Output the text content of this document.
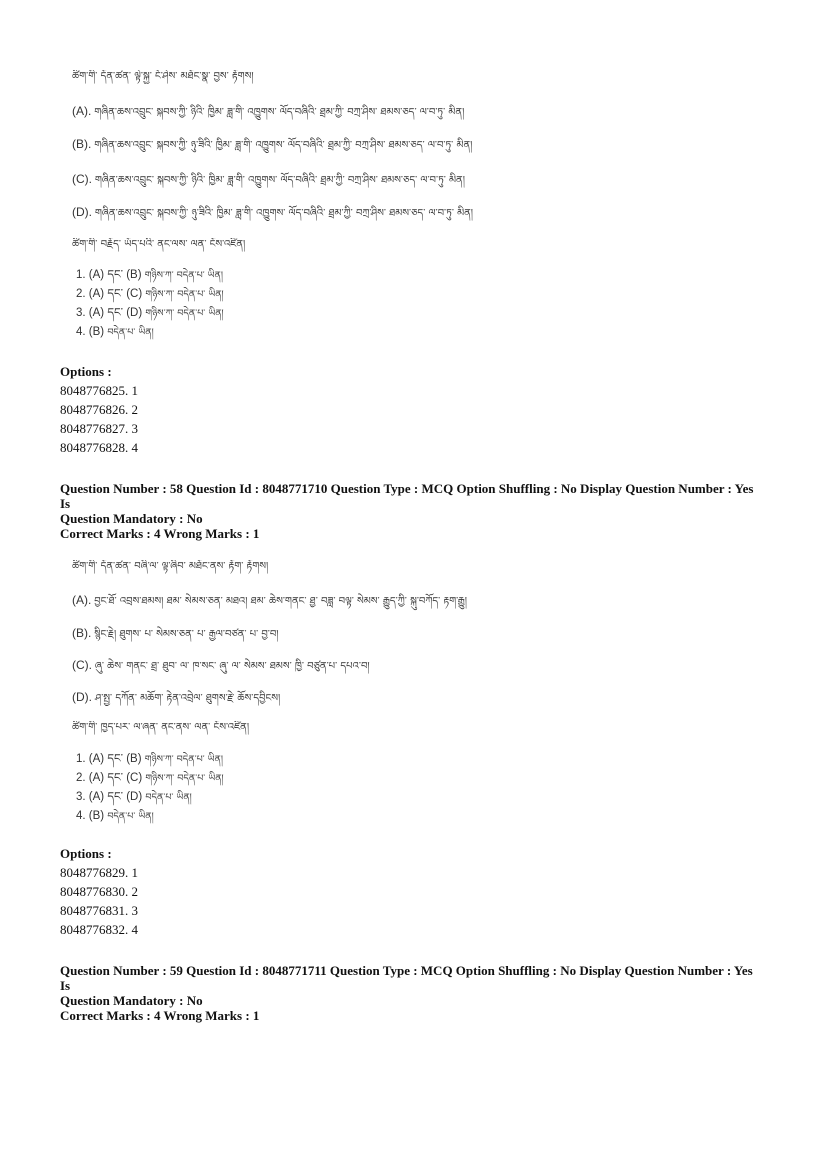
ཚིག་གི་ དོན་ཚན་ ལྟེ་སྐྱ་ ངོ་ཤེས་ མཐོང་སྣ་ བྱས་ རྟོགས།
(A). གཞིན་ཆས་འབྲུང་ སྐབས་ཀྱི་ ཉིའི་ ཁྱིམ་ ཟླ་གི་ འཁྱུགས་ ལོད་བཞིའི་ ཐྲམ་ཀྱི་ བཀྲ་ཤིས་ ཐམས་ཅད་ ལ་བ་ཏུ་ མིན།
(B). གཞིན་ཆས་འབྲུང་ སྐབས་ཀྱི་ ཉུ་ཟིའི་ ཁྱིམ་ ཟླ་གི་ འཁྱུགས་ ལོད་བཞིའི་ ཐྲམ་ཀྱི་ བཀྲ་ཤིས་ ཐམས་ཅད་ ལ་བ་ཏུ་ མིན།
(C). གཞིན་ཆས་འབྲུང་ སྐབས་ཀྱི་ ཉིའི་ ཁྱིམ་ ཟླ་གི་ འཁྱུགས་ ལོད་བཞིའི་ ཐྲམ་ཀྱི་ བཀྲ་ཤིས་ ཐམས་ཅད་ ལ་བ་ཏུ་ མིན།
(D). གཞིན་ཆས་འབྲུང་ སྐབས་ཀྱི་ ཉུ་ཟིའི་ ཁྱིམ་ ཟླ་གི་ འཁྱུགས་ ལོད་བཞིའི་ ཐྲམ་ཀྱི་ བཀྲ་ཤིས་ ཐམས་ཅད་ ལ་བ་ཏུ་ མིན།
ཚིག་གི་ བརྗོད་ ཡོད་པའི་ ནང་ལས་ ལན་ ངོས་འཛིན།
1. (A) དང་ (B) གཉིས་ཀ་ བདེན་པ་ ཡིན།
2. (A) དང་ (C) གཉིས་ཀ་ བདེན་པ་ ཡིན།
3. (A) དང་ (D) གཉིས་ཀ་ བདེན་པ་ ཡིན།
4. (B) བདེན་པ་ ཡིན།
Options :
8048776825. 1
8048776826. 2
8048776827. 3
8048776828. 4
Question Number : 58 Question Id : 8048771710 Question Type : MCQ Option Shuffling : No Display Question Number : Yes Is
Question Mandatory : No
Correct Marks : 4 Wrong Marks : 1
ཚིག་གི་ དོན་ཚན་ བཞི་ལ་ ལྟ་ཞིབ་ མཐོང་ནས་ རྟོག་ རྟོགས།
(A). བྱང་ཐོ་ འབྲས་ཐམས། ཐམ་ སེམས་ཅན་ མཐའ། ཐམ་ ཆེས་གནང་ ཐྱ་ བཟླ་ བལྟ་ སེམས་ རྒྱུད་ཀྱི་ སྐུ་བཀོད་ རྟག་རྒྱུ།
(B). སྙིང་རྗེ། ཐུགས་ པ་ སེམས་ཅན་ པ་ རྒྱལ་བཙན་ པ་ བྱ་བ།
(C). ཞུ་ ཆེས་ གནང་ ཐྲ་ ཐུབ་ ལ་ ཁ་སང་ ཞུ་ ལ་ སེམས་ ཐམས་ ཁྱི་ བཙུན་པ་ དཔའ་བ།
(D). ཤ་སྤྱ་ དཀོན་ མཆོག་ རྟེན་འབྲེལ་ ཐུགས་རྗེ་ ཆོས་དབྱིངས།
ཚིག་གི་ ཁྱད་པར་ ལ་ཞན་ ནང་ནས་ ལན་ ངོས་འཛིན།
1. (A) དང་ (B) གཉིས་ཀ་ བདེན་པ་ ཡིན།
2. (A) དང་ (C) གཉིས་ཀ་ བདེན་པ་ ཡིན།
3. (A) དང་ (D) བདེན་པ་ ཡིན།
4. (B) བདེན་པ་ ཡིན།
Options :
8048776829. 1
8048776830. 2
8048776831. 3
8048776832. 4
Question Number : 59 Question Id : 8048771711 Question Type : MCQ Option Shuffling : No Display Question Number : Yes Is
Question Mandatory : No
Correct Marks : 4 Wrong Marks : 1
